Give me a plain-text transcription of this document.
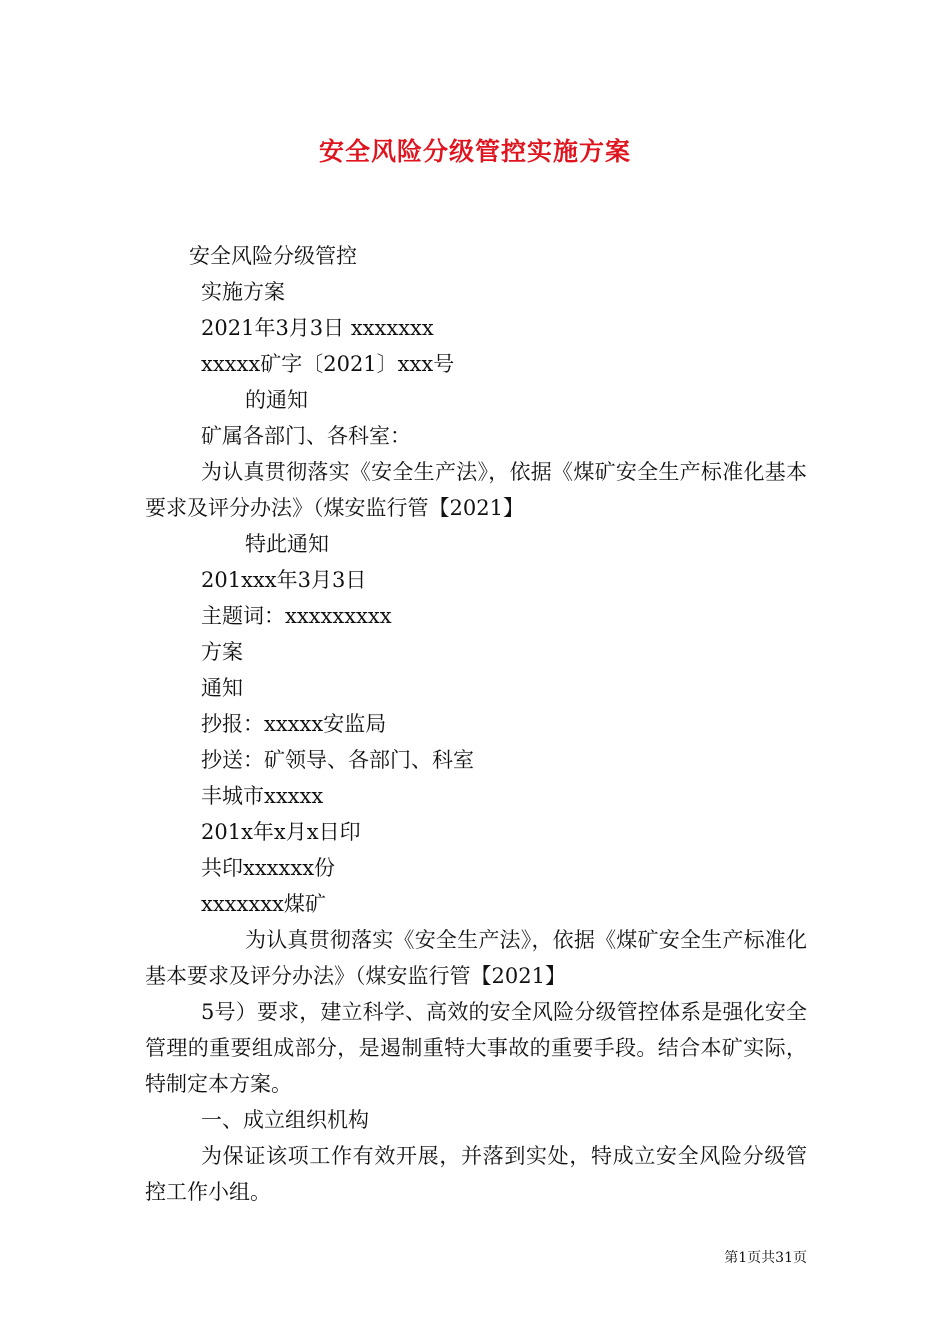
安全风险分级管控实施方案

安全风险分级管控

实施方案

2021年3月3日 xxxxxxx

xxxxx矿字〔2021〕xxx号

的通知

矿属各部门、各科室：

为认真贯彻落实《安全生产法》，依据《煤矿安全生产标准化基本要求及评分办法》（煤安监行管【2021】

特此通知

201xxx年3月3日

主题词：xxxxxxxxx

方案

通知

抄报：xxxxx安监局

抄送：矿领导、各部门、科室

丰城市xxxxx

201x年x月x日印

共印xxxxxx份

xxxxxxx煤矿

为认真贯彻落实《安全生产法》，依据《煤矿安全生产标准化基本要求及评分办法》（煤安监行管【2021】

5号）要求，建立科学、高效的安全风险分级管控体系是强化安全管理的重要组成部分，是遏制重特大事故的重要手段。结合本矿实际，特制定本方案。

一、成立组织机构

为保证该项工作有效开展，并落到实处，特成立安全风险分级管控工作小组。

第1页共31页
